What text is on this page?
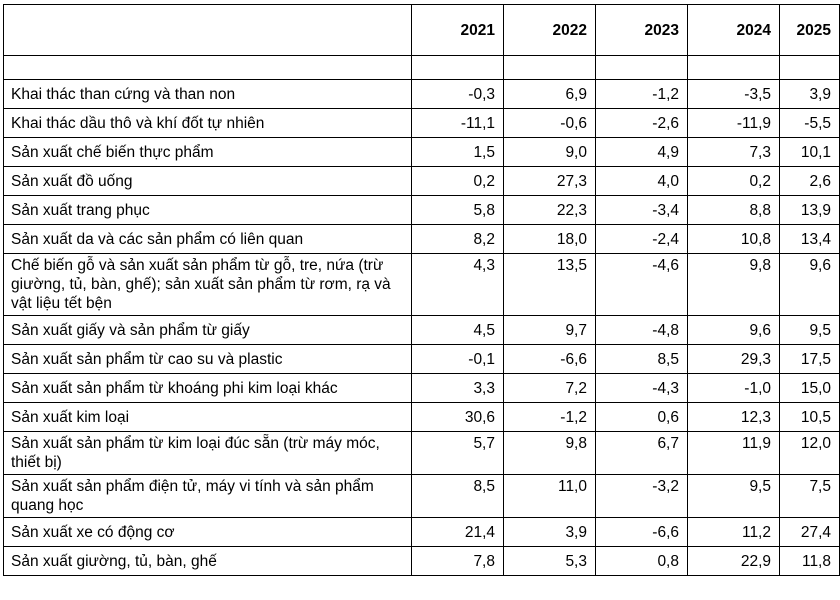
	2021	2022	2023	2024	2025

Khai thác than cứng và than non	-0,3	6,9	-1,2	-3,5	3,9
Khai thác dầu thô và khí đốt tự nhiên	-11,1	-0,6	-2,6	-11,9	-5,5
Sản xuất chế biến thực phẩm	1,5	9,0	4,9	7,3	10,1
Sản xuất đồ uống	0,2	27,3	4,0	0,2	2,6
Sản xuất trang phục	5,8	22,3	-3,4	8,8	13,9
Sản xuất da và các sản phẩm có liên quan	8,2	18,0	-2,4	10,8	13,4
Chế biến gỗ và sản xuất sản phẩm từ gỗ, tre, nứa (trừ giường, tủ, bàn, ghế); sản xuất sản phẩm từ rơm, rạ và vật liệu tết bện	4,3	13,5	-4,6	9,8	9,6
Sản xuất giấy và sản phẩm từ giấy	4,5	9,7	-4,8	9,6	9,5
Sản xuất sản phẩm từ cao su và plastic	-0,1	-6,6	8,5	29,3	17,5
Sản xuất sản phẩm từ khoáng phi kim loại khác	3,3	7,2	-4,3	-1,0	15,0
Sản xuất kim loại	30,6	-1,2	0,6	12,3	10,5
Sản xuất sản phẩm từ kim loại đúc sẵn (trừ máy móc, thiết bị)	5,7	9,8	6,7	11,9	12,0
Sản xuất sản phẩm điện tử, máy vi tính và sản phẩm quang học	8,5	11,0	-3,2	9,5	7,5
Sản xuất xe có động cơ	21,4	3,9	-6,6	11,2	27,4
Sản xuất giường, tủ, bàn, ghế	7,8	5,3	0,8	22,9	11,8
